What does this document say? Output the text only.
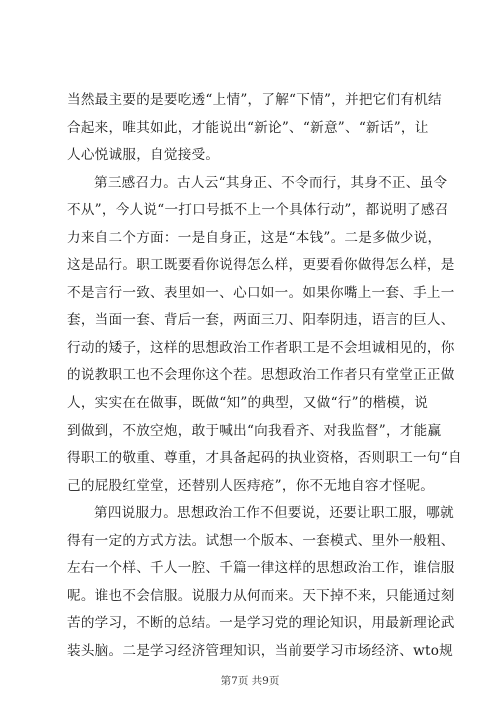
当然最主要的是要吃透“上情”，了解“下情”，并把它们有机结
合起来，唯其如此，才能说出“新论”、“新意”、“新话”，让
人心悦诚服，自觉接受。
第三感召力。古人云“其身正、不令而行，其身不正、虽令
不从”，今人说“一打口号抵不上一个具体行动”，都说明了感召
力来自二个方面：一是自身正，这是“本钱”。二是多做少说，
这是品行。职工既要看你说得怎么样，更要看你做得怎么样，是
不是言行一致、表里如一、心口如一。如果你嘴上一套、手上一
套，当面一套、背后一套，两面三刀、阳奉阴违，语言的巨人、
行动的矮子，这样的思想政治工作者职工是不会坦诚相见的，你
的说教职工也不会理你这个茬。思想政治工作者只有堂堂正正做
人，实实在在做事，既做“知”的典型，又做“行”的楷模，说
到做到，不放空炮，敢于喊出“向我看齐、对我监督”，才能赢
得职工的敬重、尊重，才具备起码的执业资格，否则职工一句“自
己的屁股红堂堂，还替别人医痔疮”，你不无地自容才怪呢。
第四说服力。思想政治工作不但要说，还要让职工服，哪就
得有一定的方式方法。试想一个版本、一套模式、里外一般粗、
左右一个样、千人一腔、千篇一律这样的思想政治工作，谁信服
呢。谁也不会信服。说服力从何而来。天下掉不来，只能通过刻
苦的学习，不断的总结。一是学习党的理论知识，用最新理论武
装头脑。二是学习经济管理知识，当前要学习市场经济、wto规
第7页 共9页
